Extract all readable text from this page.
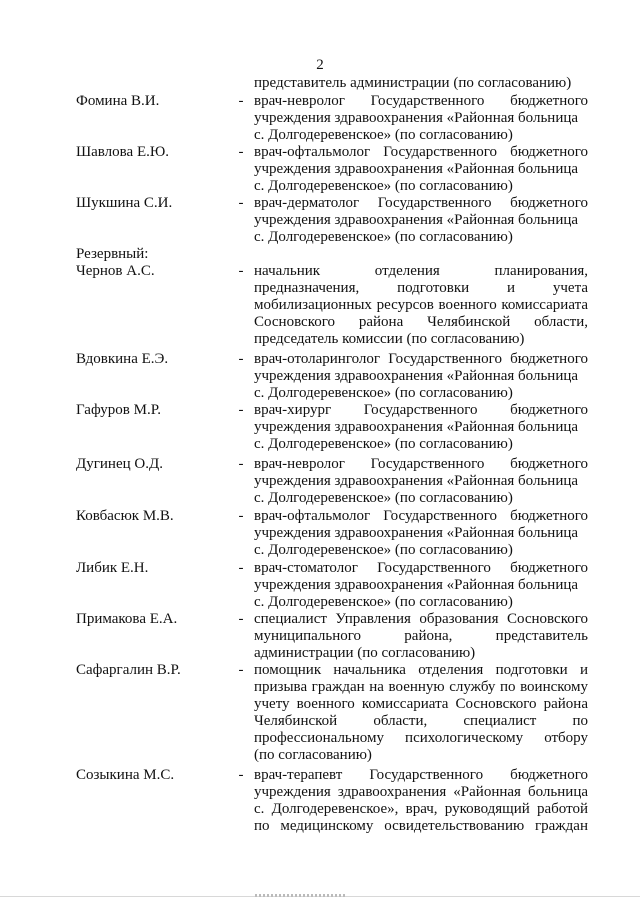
2
представитель администрации (по согласованию)
Фомина В.И.	- врач-невролог Государственного бюджетного
учреждения здравоохранения «Районная больница
с. Долгодеревенское» (по согласованию)
Шавлова Е.Ю.	- врач-офтальмолог Государственного бюджетного
учреждения здравоохранения «Районная больница
с. Долгодеревенское» (по согласованию)
Шукшина С.И.	- врач-дерматолог Государственного бюджетного
учреждения здравоохранения «Районная больница
с. Долгодеревенское» (по согласованию)
Резервный:
Чернов А.С.	- начальник отделения планирования,
предназначения, подготовки и учета
мобилизационных ресурсов военного комиссариата
Сосновского района Челябинской области,
председатель комиссии (по согласованию)
Вдовкина Е.Э.	- врач-отоларинголог Государственного бюджетного
учреждения здравоохранения «Районная больница
с. Долгодеревенское» (по согласованию)
Гафуров М.Р.	- врач-хирург Государственного бюджетного
учреждения здравоохранения «Районная больница
с. Долгодеревенское» (по согласованию)
Дугинец О.Д.	- врач-невролог Государственного бюджетного
учреждения здравоохранения «Районная больница
с. Долгодеревенское» (по согласованию)
Ковбасюк М.В.	- врач-офтальмолог Государственного бюджетного
учреждения здравоохранения «Районная больница
с. Долгодеревенское» (по согласованию)
Либик Е.Н.	- врач-стоматолог Государственного бюджетного
учреждения здравоохранения «Районная больница
с. Долгодеревенское» (по согласованию)
Примакова Е.А.	- специалист Управления образования Сосновского
муниципального района, представитель
администрации (по согласованию)
Сафаргалин В.Р.	- помощник начальника отделения подготовки и
призыва граждан на военную службу по воинскому
учету военного комиссариата Сосновского района
Челябинской области, специалист по
профессиональному психологическому отбору
(по согласованию)
Созыкина М.С.	- врач-терапевт Государственного бюджетного
учреждения здравоохранения «Районная больница
с. Долгодеревенское», врач, руководящий работой
по медицинскому освидетельствованию граждан
